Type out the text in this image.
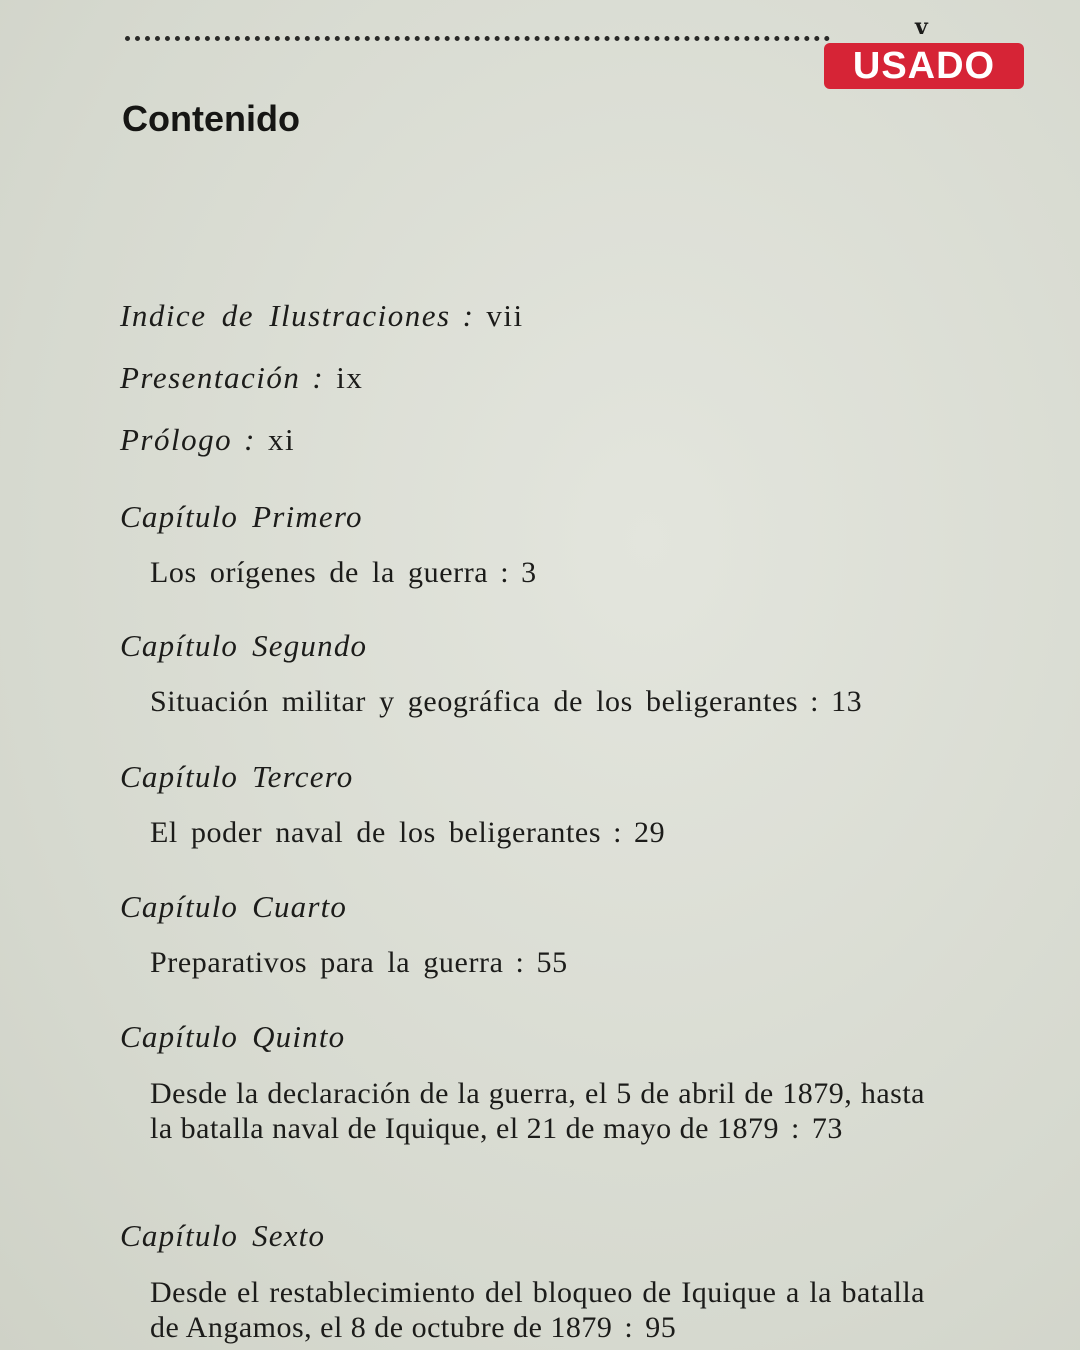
v
USADO
Contenido
Indice de Ilustraciones : vii
Presentación : ix
Prólogo : xi
Capítulo Primero
Los orígenes de la guerra : 3
Capítulo Segundo
Situación militar y geográfica de los beligerantes : 13
Capítulo Tercero
El poder naval de los beligerantes : 29
Capítulo Cuarto
Preparativos para la guerra : 55
Capítulo Quinto
Desde la declaración de la guerra, el 5 de abril de 1879, hasta la batalla naval de Iquique, el 21 de mayo de 1879 : 73
Capítulo Sexto
Desde el restablecimiento del bloqueo de Iquique a la batalla de Angamos, el 8 de octubre de 1879 : 95
